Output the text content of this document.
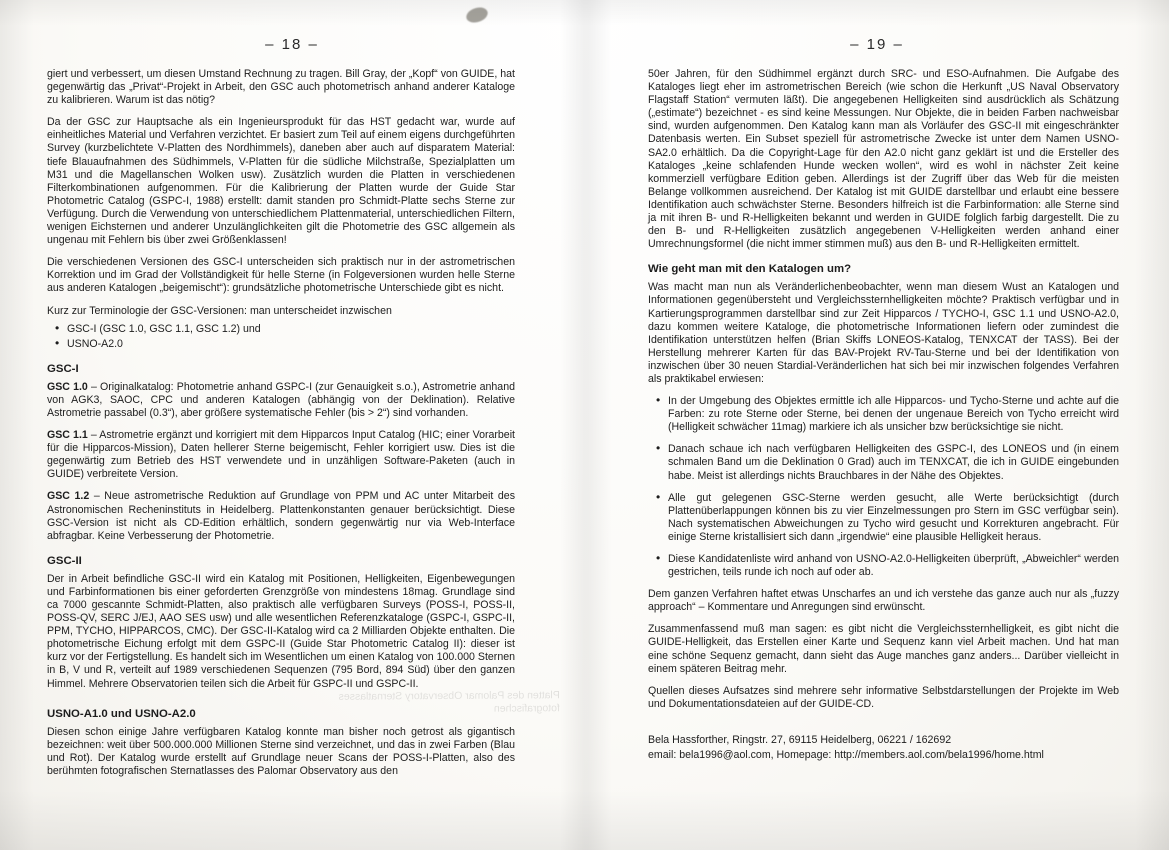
– 18 –

giert und verbessert, um diesen Umstand Rechnung zu tragen. Bill Gray, der „Kopf“ von GUIDE, hat gegenwärtig das „Privat“-Projekt in Arbeit, den GSC auch photometrisch anhand anderer Kataloge zu kalibrieren. Warum ist das nötig?

Da der GSC zur Hauptsache als ein Ingenieursprodukt für das HST gedacht war, wurde auf einheitliches Material und Verfahren verzichtet. Er basiert zum Teil auf einem eigens durchgeführten Survey (kurzbelichtete V-Platten des Nordhimmels), daneben aber auch auf disparatem Material: tiefe Blauaufnahmen des Südhimmels, V-Platten für die südliche Milchstraße, Spezialplatten um M31 und die Magellanschen Wolken usw). Zusätzlich wurden die Platten in verschiedenen Filterkombinationen aufgenommen. Für die Kalibrierung der Platten wurde der Guide Star Photometric Catalog (GSPC-I, 1988) erstellt: damit standen pro Schmidt-Platte sechs Sterne zur Verfügung. Durch die Verwendung von unterschiedlichem Plattenmaterial, unterschiedlichen Filtern, wenigen Eichsternen und anderer Unzulänglichkeiten gilt die Photometrie des GSC allgemein als ungenau mit Fehlern bis über zwei Größenklassen!

Die verschiedenen Versionen des GSC-I unterscheiden sich praktisch nur in der astrometrischen Korrektion und im Grad der Vollständigkeit für helle Sterne (in Folgeversionen wurden helle Sterne aus anderen Katalogen „beigemischt“): grundsätzliche photometrische Unterschiede gibt es nicht.

Kurz zur Terminologie der GSC-Versionen: man unterscheidet inzwischen

• GSC-I (GSC 1.0, GSC 1.1, GSC 1.2) und
• USNO-A2.0
GSC-I

GSC 1.0 – Originalkatalog: Photometrie anhand GSPC-I (zur Genauigkeit s.o.), Astrometrie anhand von AGK3, SAOC, CPC und anderen Katalogen (abhängig von der Deklination). Relative Astrometrie passabel (0.3“), aber größere systematische Fehler (bis > 2“) sind vorhanden.

GSC 1.1 – Astrometrie ergänzt und korrigiert mit dem Hipparcos Input Catalog (HIC; einer Vorarbeit für die Hipparcos-Mission), Daten hellerer Sterne beigemischt, Fehler korrigiert usw. Dies ist die gegenwärtig zum Betrieb des HST verwendete und in unzähligen Software-Paketen (auch in GUIDE) verbreitete Version.

GSC 1.2 – Neue astrometrische Reduktion auf Grundlage von PPM und AC unter Mitarbeit des Astronomischen Recheninstituts in Heidelberg. Plattenkonstanten genauer berücksichtigt. Diese GSC-Version ist nicht als CD-Edition erhältlich, sondern gegenwärtig nur via Web-Interface abfragbar. Keine Verbesserung der Photometrie.

GSC-II

Der in Arbeit befindliche GSC-II wird ein Katalog mit Positionen, Helligkeiten, Eigenbewegungen und Farbinformationen bis einer geforderten Grenzgröße von mindestens 18mag. Grundlage sind ca 7000 gescannte Schmidt-Platten, also praktisch alle verfügbaren Surveys (POSS-I, POSS-II, POSS-QV, SERC J/EJ, AAO SES usw) und alle wesentlichen Referenzkataloge (GSPC-I, GSPC-II, PPM, TYCHO, HIPPARCOS, CMC). Der GSC-II-Katalog wird ca 2 Milliarden Objekte enthalten. Die photometrische Eichung erfolgt mit dem GSPC-II (Guide Star Photometric Catalog II): dieser ist kurz vor der Fertigstellung. Es handelt sich im Wesentlichen um einen Katalog von 100.000 Sternen in B, V und R, verteilt auf 1989 verschiedenen Sequenzen (795 Bord, 894 Süd) über den ganzen Himmel. Mehrere Observatorien teilen sich die Arbeit für GSPC-II und GSPC-II.

USNO-A1.0 und USNO-A2.0

Diesen schon einige Jahre verfügbaren Katalog konnte man bisher noch getrost als gigantisch bezeichnen: weit über 500.000.000 Millionen Sterne sind verzeichnet, und das in zwei Farben (Blau und Rot). Der Katalog wurde erstellt auf Grundlage neuer Scans der POSS-I-Platten, also des berühmten fotografischen Sternatlasses des Palomar Observatory aus den

Platten des Palomar Observatory Sternatlasses fotografischen
– 19 –

50er Jahren, für den Südhimmel ergänzt durch SRC- und ESO-Aufnahmen. Die Aufgabe des Kataloges liegt eher im astrometrischen Bereich (wie schon die Herkunft „US Naval Observatory Flagstaff Station“ vermuten läßt). Die angegebenen Helligkeiten sind ausdrücklich als Schätzung („estimate“) bezeichnet - es sind keine Messungen. Nur Objekte, die in beiden Farben nachweisbar sind, wurden aufgenommen. Den Katalog kann man als Vorläufer des GSC-II mit eingeschränkter Datenbasis werten. Ein Subset speziell für astrometrische Zwecke ist unter dem Namen USNO-SA2.0 erhältlich. Da die Copyright-Lage für den A2.0 nicht ganz geklärt ist und die Ersteller des Kataloges „keine schlafenden Hunde wecken wollen“, wird es wohl in nächster Zeit keine kommerziell verfügbare Edition geben. Allerdings ist der Zugriff über das Web für die meisten Belange vollkommen ausreichend. Der Katalog ist mit GUIDE darstellbar und erlaubt eine bessere Identifikation auch schwächster Sterne. Besonders hilfreich ist die Farbinformation: alle Sterne sind ja mit ihren B- und R-Helligkeiten bekannt und werden in GUIDE folglich farbig dargestellt. Die zu den B- und R-Helligkeiten zusätzlich angegebenen V-Helligkeiten werden anhand einer Umrechnungsformel (die nicht immer stimmen muß) aus den B- und R-Helligkeiten ermittelt.

Wie geht man mit den Katalogen um?

Was macht man nun als Veränderlichenbeobachter, wenn man diesem Wust an Katalogen und Informationen gegenübersteht und Vergleichssternhelligkeiten möchte? Praktisch verfügbar und in Kartierungsprogrammen darstellbar sind zur Zeit Hipparcos / TYCHO-I, GSC 1.1 und USNO-A2.0, dazu kommen weitere Kataloge, die photometrische Informationen liefern oder zumindest die Identifikation unterstützen helfen (Brian Skiffs LONEOS-Katalog, TENXCAT der TASS). Bei der Herstellung mehrerer Karten für das BAV-Projekt RV-Tau-Sterne und bei der Identifikation von inzwischen über 30 neuen Stardial-Veränderlichen hat sich bei mir inzwischen folgendes Verfahren als praktikabel erwiesen:

• In der Umgebung des Objektes ermittle ich alle Hipparcos- und Tycho-Sterne und achte auf die Farben: zu rote Sterne oder Sterne, bei denen der ungenaue Bereich von Tycho erreicht wird (Helligkeit schwächer 11mag) markiere ich als unsicher bzw berücksichtige sie nicht.
• Danach schaue ich nach verfügbaren Helligkeiten des GSPC-I, des LONEOS und (in einem schmalen Band um die Deklination 0 Grad) auch im TENXCAT, die ich in GUIDE eingebunden habe. Meist ist allerdings nichts Brauchbares in der Nähe des Objektes.
• Alle gut gelegenen GSC-Sterne werden gesucht, alle Werte berücksichtigt (durch Plattenüberlappungen können bis zu vier Einzelmessungen pro Stern im GSC verfügbar sein). Nach systematischen Abweichungen zu Tycho wird gesucht und Korrekturen angebracht. Für einige Sterne kristallisiert sich dann „irgendwie“ eine plausible Helligkeit heraus.
• Diese Kandidatenliste wird anhand von USNO-A2.0-Helligkeiten überprüft, „Abweichler“ werden gestrichen, teils runde ich noch auf oder ab.

Dem ganzen Verfahren haftet etwas Unscharfes an und ich verstehe das ganze auch nur als „fuzzy approach“ – Kommentare und Anregungen sind erwünscht.

Zusammenfassend muß man sagen: es gibt nicht die Vergleichssternhelligkeit, es gibt nicht die GUIDE-Helligkeit, das Erstellen einer Karte und Sequenz kann viel Arbeit machen. Und hat man eine schöne Sequenz gemacht, dann sieht das Auge manches ganz anders... Darüber vielleicht in einem späteren Beitrag mehr.

Quellen dieses Aufsatzes sind mehrere sehr informative Selbstdarstellungen der Projekte im Web und Dokumentationsdateien auf der GUIDE-CD.

Bela Hassforther, Ringstr. 27, 69115 Heidelberg, 06221 / 162692
email: bela1996@aol.com, Homepage: http://members.aol.com/bela1996/home.html
